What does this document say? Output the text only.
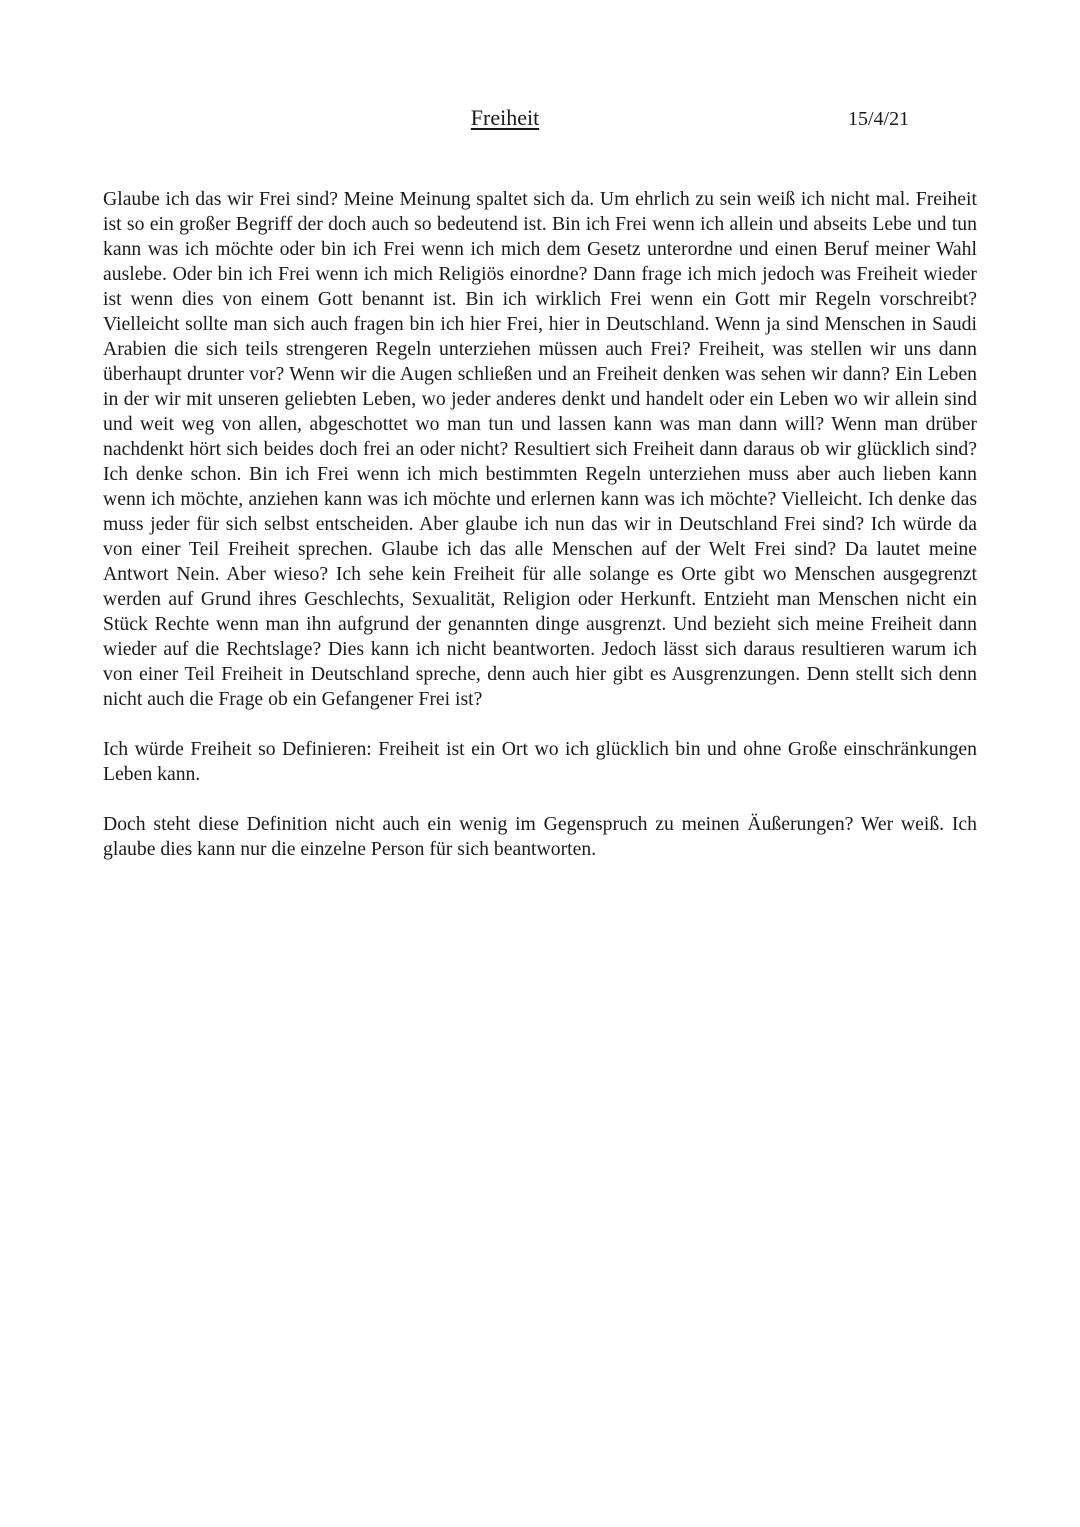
Freiheit	15/4/21

Glaube ich das wir Frei sind? Meine Meinung spaltet sich da. Um ehrlich zu sein weiß ich nicht mal. Freiheit ist so ein großer Begriff der doch auch so bedeutend ist. Bin ich Frei wenn ich allein und abseits Lebe und tun kann was ich möchte oder bin ich Frei wenn ich mich dem Gesetz unterordne und einen Beruf meiner Wahl auslebe. Oder bin ich Frei wenn ich mich Religiös einordne? Dann frage ich mich jedoch was Freiheit wieder ist wenn dies von einem Gott benannt ist. Bin ich wirklich Frei wenn ein Gott mir Regeln vorschreibt? Vielleicht sollte man sich auch fragen bin ich hier Frei, hier in Deutschland. Wenn ja sind Menschen in Saudi Arabien die sich teils strengeren Regeln unterziehen müssen auch Frei? Freiheit, was stellen wir uns dann überhaupt drunter vor? Wenn wir die Augen schließen und an Freiheit denken was sehen wir dann? Ein Leben in der wir mit unseren geliebten Leben, wo jeder anderes denkt und handelt oder ein Leben wo wir allein sind und weit weg von allen, abgeschottet wo man tun und lassen kann was man dann will? Wenn man drüber nachdenkt hört sich beides doch frei an oder nicht? Resultiert sich Freiheit dann daraus ob wir glücklich sind? Ich denke schon. Bin ich Frei wenn ich mich bestimmten Regeln unterziehen muss aber auch lieben kann wenn ich möchte, anziehen kann was ich möchte und erlernen kann was ich möchte? Vielleicht. Ich denke das muss jeder für sich selbst entscheiden. Aber glaube ich nun das wir in Deutschland Frei sind? Ich würde da von einer Teil Freiheit sprechen. Glaube ich das alle Menschen auf der Welt Frei sind? Da lautet meine Antwort Nein. Aber wieso? Ich sehe kein Freiheit für alle solange es Orte gibt wo Menschen ausgegrenzt werden auf Grund ihres Geschlechts, Sexualität, Religion oder Herkunft. Entzieht man Menschen nicht ein Stück Rechte wenn man ihn aufgrund der genannten dinge ausgrenzt. Und bezieht sich meine Freiheit dann wieder auf die Rechtslage? Dies kann ich nicht beantworten. Jedoch lässt sich daraus resultieren warum ich von einer Teil Freiheit in Deutschland spreche, denn auch hier gibt es Ausgrenzungen. Denn stellt sich denn nicht auch die Frage ob ein Gefangener Frei ist?

Ich würde Freiheit so Definieren: Freiheit ist ein Ort wo ich glücklich bin und ohne Große einschränkungen Leben kann.

Doch steht diese Definition nicht auch ein wenig im Gegenspruch zu meinen Äußerungen? Wer weiß. Ich glaube dies kann nur die einzelne Person für sich beantworten.
